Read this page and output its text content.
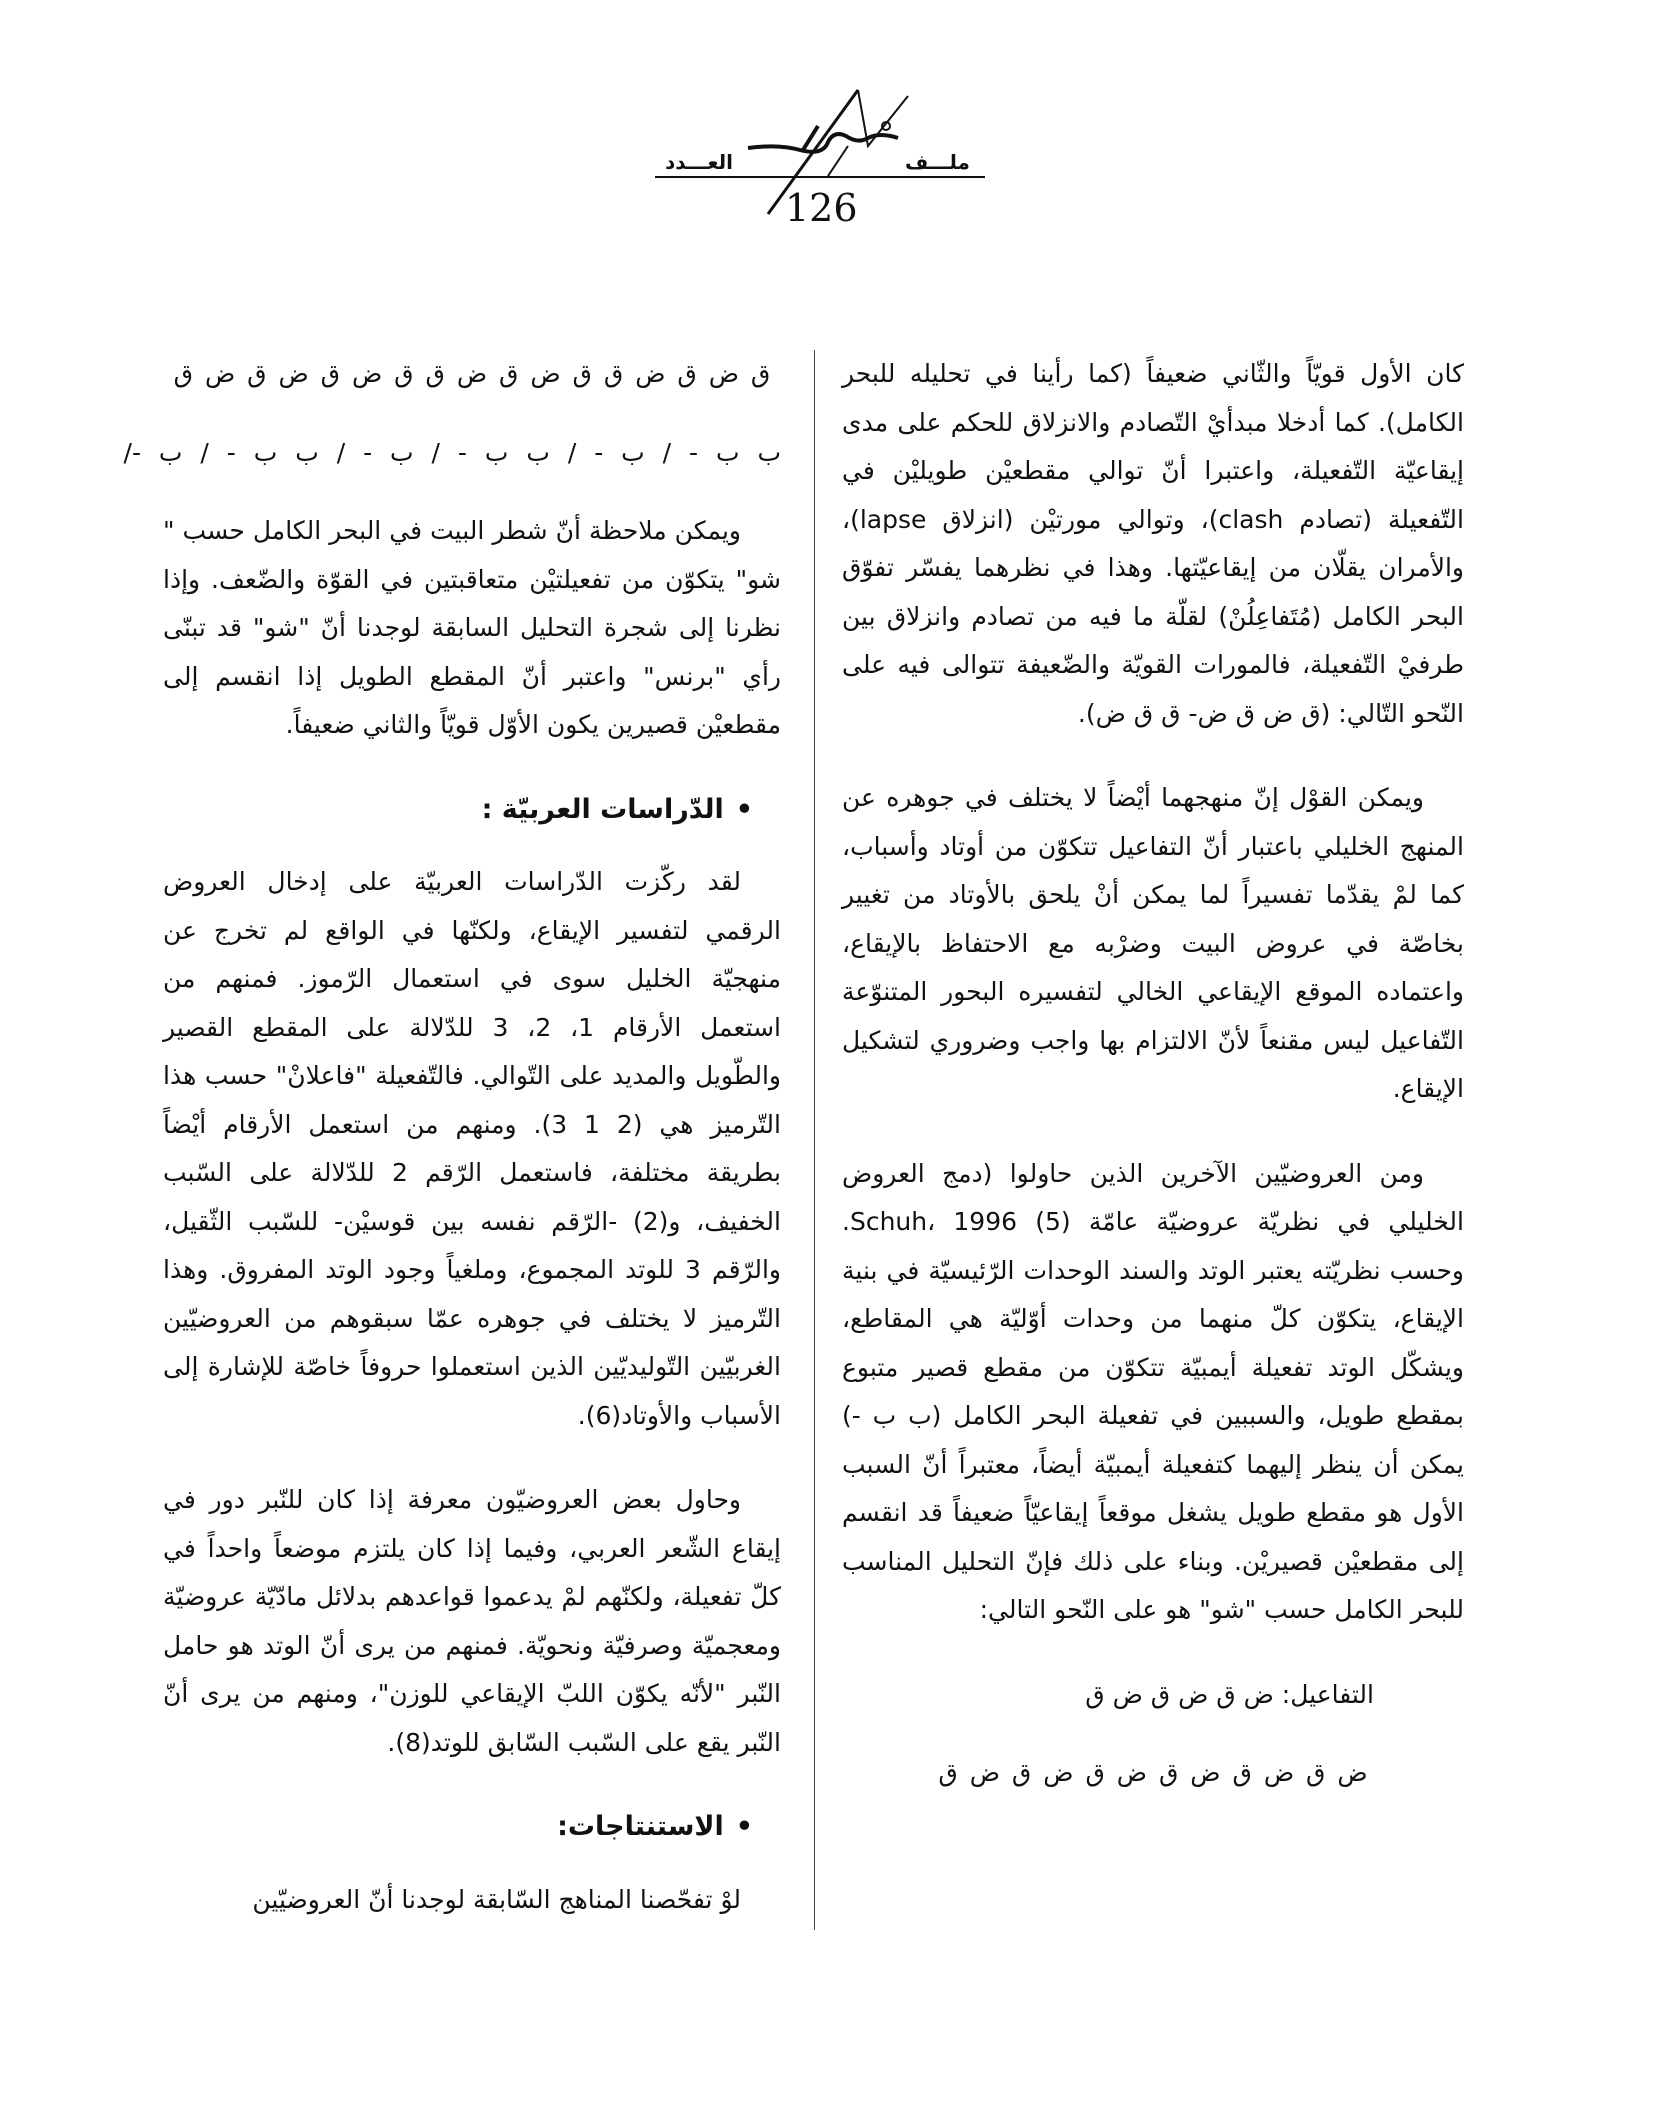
ملـــف
العـــدد
126

كان الأول قويّاً والثّاني ضعيفاً (كما رأينا في تحليله للبحر الكامل). كما أدخلا مبدأيْ التّصادم والانزلاق للحكم على مدى إيقاعيّة التّفعيلة، واعتبرا أنّ توالي مقطعيْن طويليْن في التّفعيلة (تصادم clash)، وتوالي مورتيْن (انزلاق lapse)، والأمران يقلّان من إيقاعيّتها. وهذا في نظرهما يفسّر تفوّق البحر الكامل (مُتَفاعِلُنْ) لقلّة ما فيه من تصادم وانزلاق بين طرفيْ التّفعيلة، فالمورات القويّة والضّعيفة تتوالى فيه على النّحو التّالي: (ق ض ق ض- ق ق ض).

ويمكن القوْل إنّ منهجهما أيْضاً لا يختلف في جوهره عن المنهج الخليلي باعتبار أنّ التفاعيل تتكوّن من أوتاد وأسباب، كما لمْ يقدّما تفسيراً لما يمكن أنْ يلحق بالأوتاد من تغيير بخاصّة في عروض البيت وضرْبه مع الاحتفاظ بالإيقاع، واعتماده الموقع الإيقاعي الخالي لتفسيره البحور المتنوّعة التّفاعيل ليس مقنعاً لأنّ الالتزام بها واجب وضروري لتشكيل الإيقاع.

ومن العروضيّين الآخرين الذين حاولوا (دمج العروض الخليلي في نظريّة عروضيّة عامّة Schuh، 1996 (5). وحسب نظريّته يعتبر الوتد والسند الوحدات الرّئيسيّة في بنية الإيقاع، يتكوّن كلّ منهما من وحدات أوّليّة هي المقاطع، ويشكّل الوتد تفعيلة أيمبيّة تتكوّن من مقطع قصير متبوع بمقطع طويل، والسببين في تفعيلة البحر الكامل (ب ب -) يمكن أن ينظر إليهما كتفعيلة أيمبيّة أيضاً، معتبراً أنّ السبب الأول هو مقطع طويل يشغل موقعاً إيقاعيّاً ضعيفاً قد انقسم إلى مقطعيْن قصيريْن. وبناء على ذلك فإنّ التحليل المناسب للبحر الكامل حسب "شو" هو على النّحو التالي:

التفاعيل: ض ق ض ق ض ق
ض ق ض ق ض ق ض ق ض ق ض ق
ق ض ق ض ق ق ض ق ض ق ق ض ق ض ق ض ق
ب ب - / ب - / ب ب - / ب - / ب ب - / ب -/

ويمكن ملاحظة أنّ شطر البيت في البحر الكامل حسب " شو" يتكوّن من تفعيلتيْن متعاقبتين في القوّة والضّعف. وإذا نظرنا إلى شجرة التحليل السابقة لوجدنا أنّ "شو" قد تبنّى رأي "برنس" واعتبر أنّ المقطع الطويل إذا انقسم إلى مقطعيْن قصيرين يكون الأوّل قويّاً والثاني ضعيفاً.

•الدّراسات العربيّة :

لقد ركّزت الدّراسات العربيّة على إدخال العروض الرقمي لتفسير الإيقاع، ولكنّها في الواقع لم تخرج عن منهجيّة الخليل سوى في استعمال الرّموز. فمنهم من استعمل الأرقام 1، 2، 3 للدّلالة على المقطع القصير والطّويل والمديد على التّوالي. فالتّفعيلة "فاعلانْ" حسب هذا التّرميز هي (2 1 3). ومنهم من استعمل الأرقام أيْضاً بطريقة مختلفة، فاستعمل الرّقم 2 للدّلالة على السّبب الخفيف، و(2) -الرّقم نفسه بين قوسيْن- للسّبب الثّقيل، والرّقم 3 للوتد المجموع، وملغياً وجود الوتد المفروق. وهذا التّرميز لا يختلف في جوهره عمّا سبقوهم من العروضيّين الغربيّين التّوليديّين الذين استعملوا حروفاً خاصّة للإشارة إلى الأسباب والأوتاد(6).

وحاول بعض العروضيّون معرفة إذا كان للنّبر دور في إيقاع الشّعر العربي، وفيما إذا كان يلتزم موضعاً واحداً في كلّ تفعيلة، ولكنّهم لمْ يدعموا قواعدهم بدلائل مادّيّة عروضيّة ومعجميّة وصرفيّة ونحويّة. فمنهم من يرى أنّ الوتد هو حامل النّبر "لأنّه يكوّن اللبّ الإيقاعي للوزن"، ومنهم من يرى أنّ النّبر يقع على السّبب السّابق للوتد(8).

•الاستنتاجات:

لوْ تفحّصنا المناهج السّابقة لوجدنا أنّ العروضيّين
